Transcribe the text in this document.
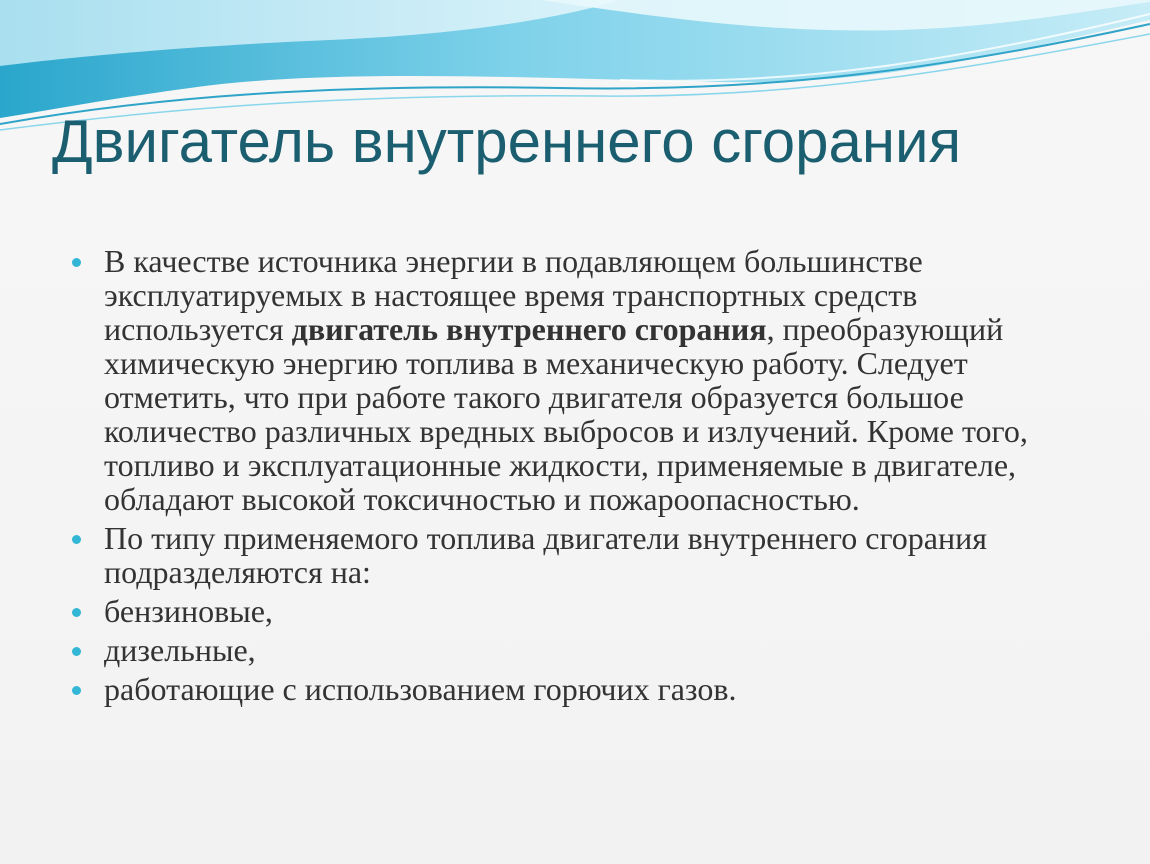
Двигатель внутреннего сгорания
В качестве источника энергии в подавляющем большинстве эксплуатируемых в настоящее время транспортных средств используется двигатель внутреннего сгорания, преобразующий химическую энергию топлива в механическую работу. Следует отметить, что при работе такого двигателя образуется большое количество различных вредных выбросов и излучений. Кроме того, топливо и эксплуатационные жидкости, применяемые в двигателе, обладают высокой токсичностью и пожароопасностью.
По типу применяемого топлива двигатели внутреннего сгорания подразделяются на:
бензиновые,
дизельные,
работающие с использованием горючих газов.
